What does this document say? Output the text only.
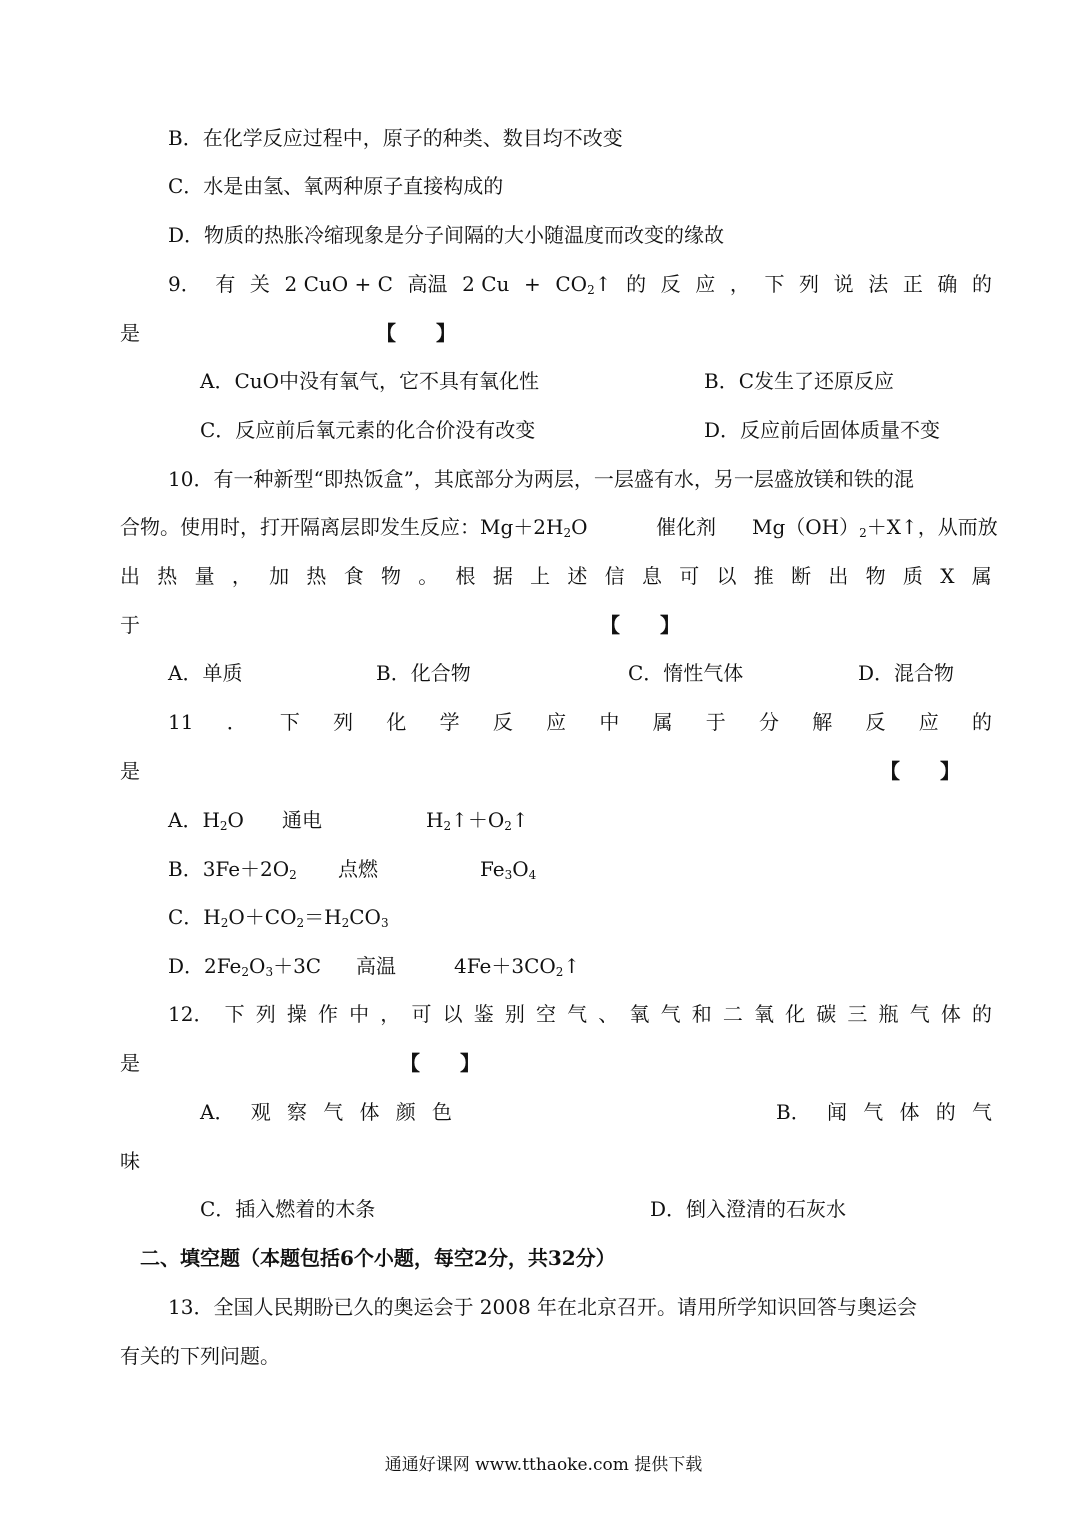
B．在化学反应过程中，原子的种类、数目均不改变
C．水是由氢、氧两种原子直接构成的
D．物质的热胀冷缩现象是分子间隔的大小随温度而改变的缘故
9． 有 关 2 CuO + C 高温 2 $Cu + CO_2↑$ 的 反 应 ， 下 列 说 法 正 确 的
是	【　　】
A．CuO中没有氧气，它不具有氧化性	B．C发生了还原反应
C．反应前后氧元素的化合价没有改变	D．反应前后固体质量不变
10．有一种新型“即热饭盒”，其底部分为两层，一层盛有水，另一层盛放镁和铁的混
合物。使用时，打开隔离层即发生反应：$Mg+2H_2O$	催化剂 $Mg(OH)_2+X↑$，从而放
出 热 量 ， 加 热 食 物 。 根 据 上 述 信 息 可 以 推 断 出 物 质 X 属
于	【　　】
A．单质	B．化合物	C．惰性气体	D．混合物
11 ． 下 列 化 学 反 应 中 属 于 分 解 反 应 的
是	【　　】
A．$H_2O$ 通电	$H_2↑+O_2↑$
B．$3Fe+2O_2$ 点燃	$Fe_3O_4$
C．$H_2O+CO_2=H_2CO_3$
D．$2Fe_2O_3+3C$ 高温	$4Fe+3CO_2↑$
12． 下 列 操 作 中 ， 可 以 鉴 别 空 气 、 氧 气 和 二 氧 化 碳 三 瓶 气 体 的
是	【　　】
A． 观 察 气 体 颜 色	B． 闻 气 体 的 气
味
C．插入燃着的木条	D．倒入澄清的石灰水
二、填空题（本题包括6个小题，每空2分，共32分）
13．全国人民期盼已久的奥运会于 2008 年在北京召开。请用所学知识回答与奥运会
有关的下列问题。
通通好课网 www.tthaoke.com 提供下载
